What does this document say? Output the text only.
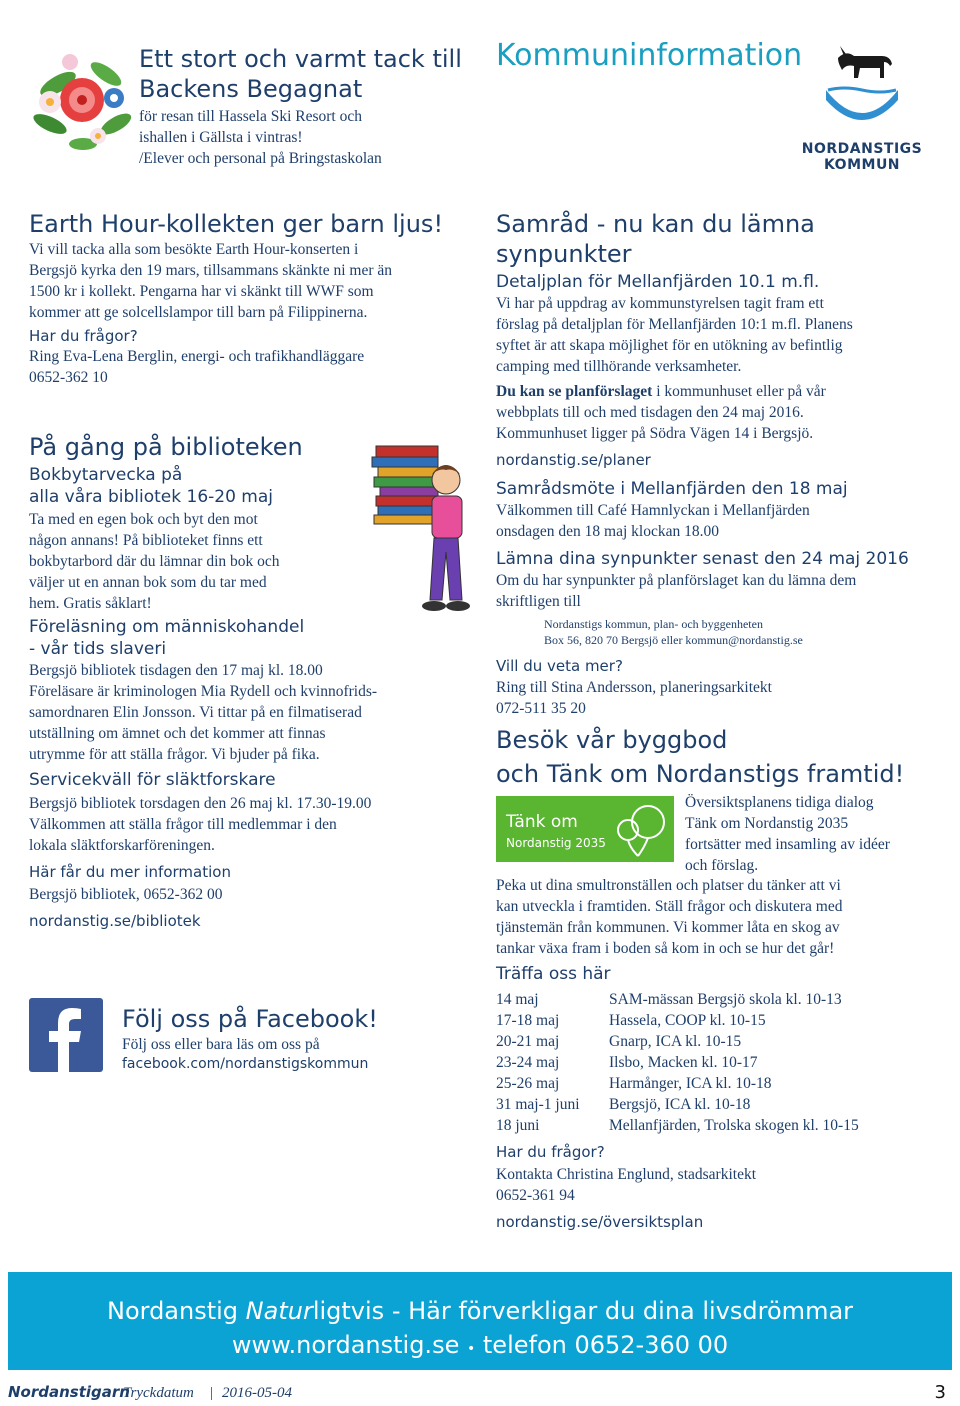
Ett stort och varmt tack till
Backens Begagnat
för resan till Hassela Ski Resort och
ishallen i Gällsta i vintras!
/Elever och personal på Bringstaskolan
Kommuninformation
NORDANSTIGS
KOMMUN
Earth Hour-kollekten ger barn ljus!
Vi vill tacka alla som besökte Earth Hour-konserten i
Bergsjö kyrka den 19 mars, tillsammans skänkte ni mer än
1500 kr i kollekt. Pengarna har vi skänkt till WWF som
kommer att ge solcellslampor till barn på Filippinerna.
Har du frågor?
Ring Eva-Lena Berglin, energi- och trafikhandläggare
0652-362 10
På gång på biblioteken
Bokbytarvecka på
alla våra bibliotek 16-20 maj
Ta med en egen bok och byt den mot
någon annans! På biblioteket finns ett
bokbytarbord där du lämnar din bok och
väljer ut en annan bok som du tar med
hem. Gratis såklart!
Föreläsning om människohandel
- vår tids slaveri
Bergsjö bibliotek tisdagen den 17 maj kl. 18.00
Föreläsare är kriminologen Mia Rydell och kvinnofrids-
samordnaren Elin Jonsson. Vi tittar på en filmatiserad
utställning om ämnet och det kommer att finnas
utrymme för att ställa frågor. Vi bjuder på fika.
Servicekväll för släktforskare
Bergsjö bibliotek torsdagen den 26 maj kl. 17.30-19.00
Välkommen att ställa frågor till medlemmar i den
lokala släktforskarföreningen.
Här får du mer information
Bergsjö bibliotek, 0652-362 00
nordanstig.se/bibliotek
Följ oss på Facebook!
Följ oss eller bara läs om oss på
facebook.com/nordanstigskommun
Samråd - nu kan du lämna synpunkter
Detaljplan för Mellanfjärden 10.1 m.fl.
Vi har på uppdrag av kommunstyrelsen tagit fram ett
förslag på detaljplan för Mellanfjärden 10:1 m.fl. Planens
syftet är att skapa möjlighet för en utökning av befintlig
camping med tillhörande verksamheter.
Du kan se planförslaget i kommunhuset eller på vår
webbplats till och med tisdagen den 24 maj 2016.
Kommunhuset ligger på Södra Vägen 14 i Bergsjö.
nordanstig.se/planer
Samrådsmöte i Mellanfjärden den 18 maj
Välkommen till Café Hamnlyckan i Mellanfjärden
onsdagen den 18 maj klockan 18.00
Lämna dina synpunkter senast den 24 maj 2016
Om du har synpunkter på planförslaget kan du lämna dem
skriftligen till
Nordanstigs kommun, plan- och byggenheten
Box 56, 820 70 Bergsjö eller kommun@nordanstig.se
Vill du veta mer?
Ring till Stina Andersson, planeringsarkitekt
072-511 35 20
Besök vår byggbod
och Tänk om Nordanstigs framtid!
Tänk om
Nordanstig 2035
Översiktsplanens tidiga dialog
Tänk om Nordanstig 2035
fortsätter med insamling av idéer
och förslag.
Peka ut dina smultronställen och platser du tänker att vi
kan utveckla i framtiden. Ställ frågor och diskutera med
tjänstemän från kommunen. Vi kommer låta en skog av
tankar växa fram i boden så kom in och se hur det går!
Träffa oss här
14 maj	SAM-mässan Bergsjö skola kl. 10-13
17-18 maj	Hassela, COOP kl. 10-15
20-21 maj	Gnarp, ICA kl. 10-15
23-24 maj	Ilsbo, Macken kl. 10-17
25-26 maj	Harmånger, ICA kl. 10-18
31 maj-1 juni	Bergsjö, ICA kl. 10-18
18 juni	Mellanfjärden, Trolska skogen kl. 10-15
Har du frågor?
Kontakta Christina Englund, stadsarkitekt
0652-361 94
nordanstig.se/översiktsplan
Nordanstig Naturligtvis - Här förverkligar du dina livsdrömmar
www.nordanstig.se • telefon 0652-360 00
Nordanstigarn
Tryckdatum | 2016-05-04	3
